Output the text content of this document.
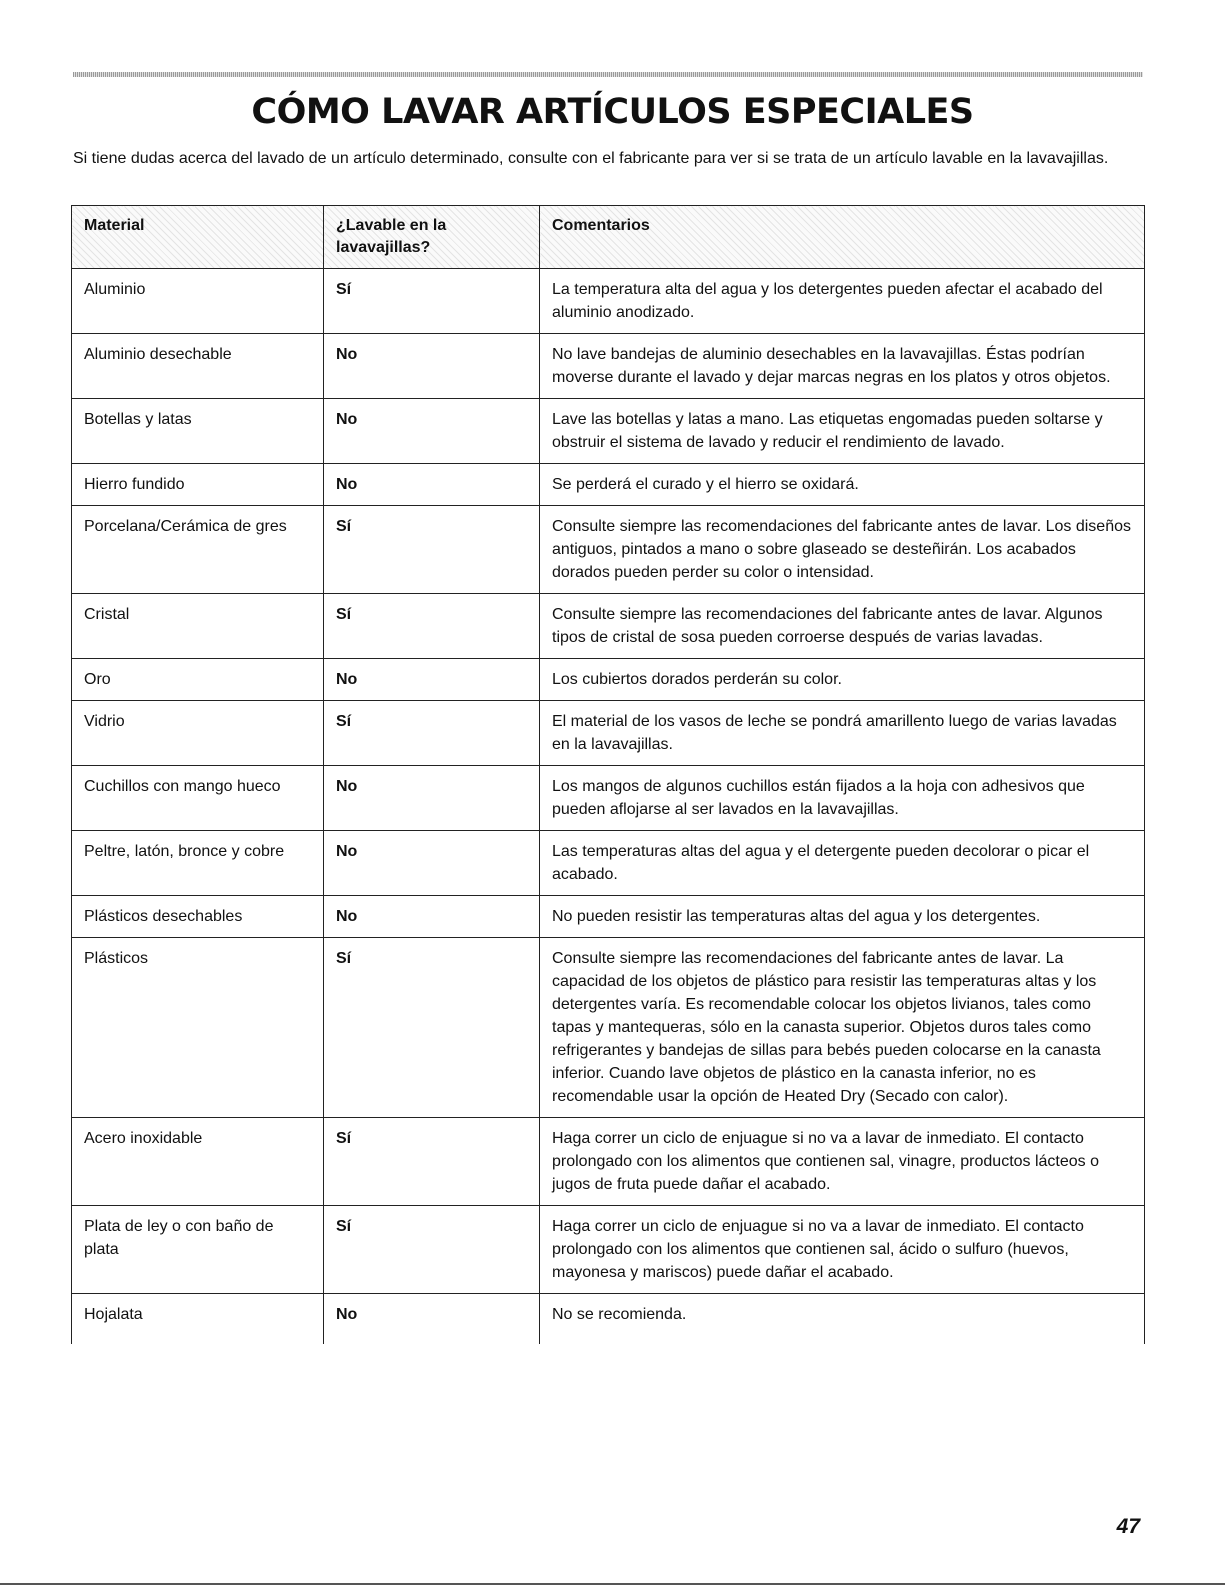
CÓMO LAVAR ARTÍCULOS ESPECIALES

Si tiene dudas acerca del lavado de un artículo determinado, consulte con el fabricante para ver si se trata de un artículo lavable en la lavavajillas.

Material	¿Lavable en la lavavajillas?	Comentarios
Aluminio	Sí	La temperatura alta del agua y los detergentes pueden afectar el acabado del aluminio anodizado.
Aluminio desechable	No	No lave bandejas de aluminio desechables en la lavavajillas. Éstas podrían moverse durante el lavado y dejar marcas negras en los platos y otros objetos.
Botellas y latas	No	Lave las botellas y latas a mano. Las etiquetas engomadas pueden soltarse y obstruir el sistema de lavado y reducir el rendimiento de lavado.
Hierro fundido	No	Se perderá el curado y el hierro se oxidará.
Porcelana/Cerámica de gres	Sí	Consulte siempre las recomendaciones del fabricante antes de lavar. Los diseños antiguos, pintados a mano o sobre glaseado se desteñirán. Los acabados dorados pueden perder su color o intensidad.
Cristal	Sí	Consulte siempre las recomendaciones del fabricante antes de lavar. Algunos tipos de cristal de sosa pueden corroerse después de varias lavadas.
Oro	No	Los cubiertos dorados perderán su color.
Vidrio	Sí	El material de los vasos de leche se pondrá amarillento luego de varias lavadas en la lavavajillas.
Cuchillos con mango hueco	No	Los mangos de algunos cuchillos están fijados a la hoja con adhesivos que pueden aflojarse al ser lavados en la lavavajillas.
Peltre, latón, bronce y cobre	No	Las temperaturas altas del agua y el detergente pueden decolorar o picar el acabado.
Plásticos desechables	No	No pueden resistir las temperaturas altas del agua y los detergentes.
Plásticos	Sí	Consulte siempre las recomendaciones del fabricante antes de lavar. La capacidad de los objetos de plástico para resistir las temperaturas altas y los detergentes varía. Es recomendable colocar los objetos livianos, tales como tapas y mantequeras, sólo en la canasta superior. Objetos duros tales como refrigerantes y bandejas de sillas para bebés pueden colocarse en la canasta inferior. Cuando lave objetos de plástico en la canasta inferior, no es recomendable usar la opción de Heated Dry (Secado con calor).
Acero inoxidable	Sí	Haga correr un ciclo de enjuague si no va a lavar de inmediato. El contacto prolongado con los alimentos que contienen sal, vinagre, productos lácteos o jugos de fruta puede dañar el acabado.
Plata de ley o con baño de plata	Sí	Haga correr un ciclo de enjuague si no va a lavar de inmediato. El contacto prolongado con los alimentos que contienen sal, ácido o sulfuro (huevos, mayonesa y mariscos) puede dañar el acabado.
Hojalata	No	No se recomienda.
47
